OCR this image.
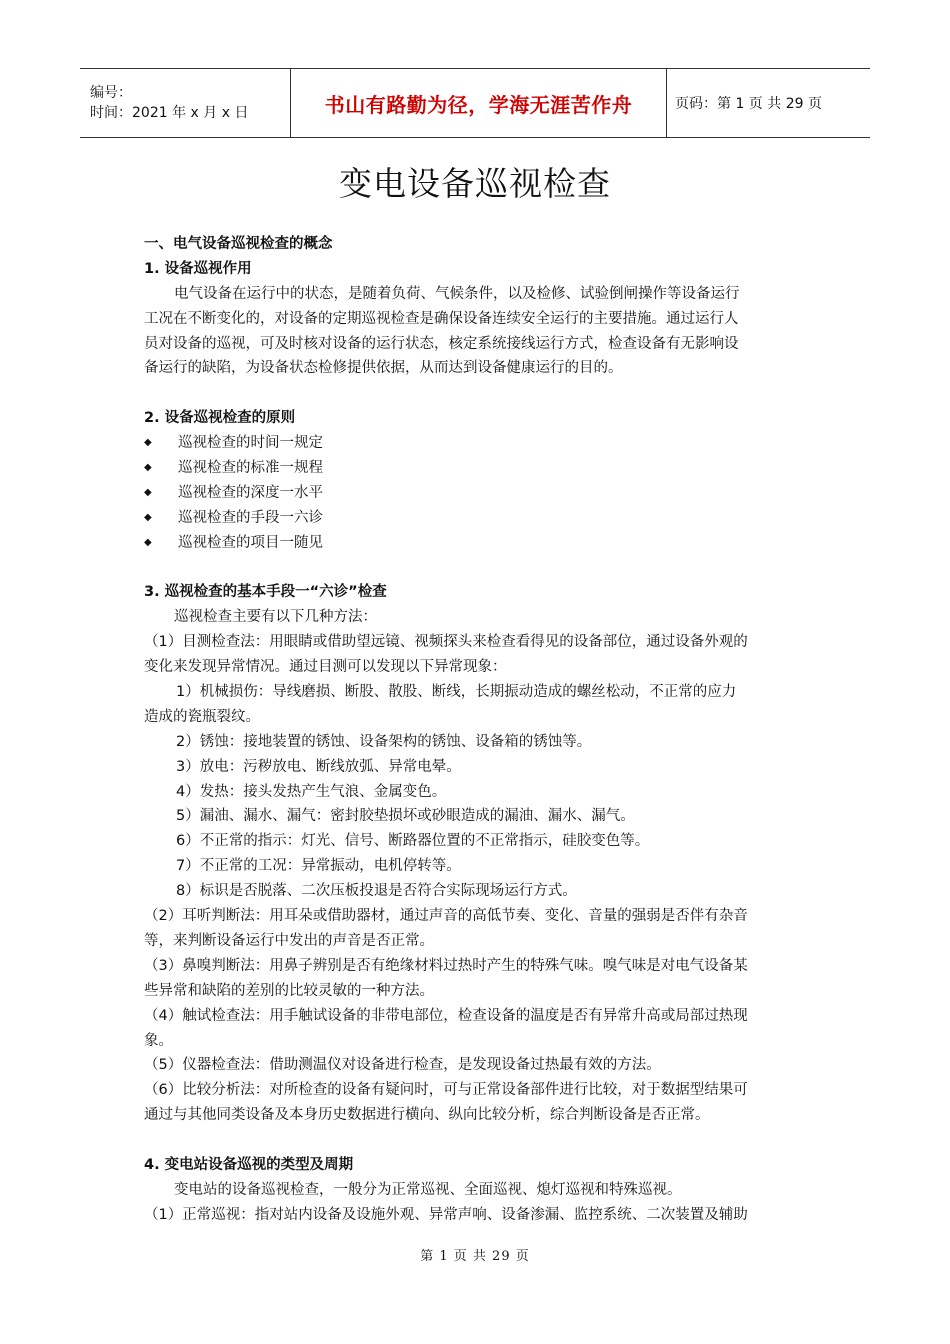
编号：
时间：2021 年 x 月 x 日	书山有路勤为径，学海无涯苦作舟	页码：第 1 页 共 29 页
变电设备巡视检查
一、电气设备巡视检查的概念
1. 设备巡视作用
电气设备在运行中的状态，是随着负荷、气候条件，以及检修、试验倒闸操作等设备运行
工况在不断变化的，对设备的定期巡视检查是确保设备连续安全运行的主要措施。通过运行人
员对设备的巡视，可及时核对设备的运行状态，核定系统接线运行方式，检查设备有无影响设
备运行的缺陷，为设备状态检修提供依据，从而达到设备健康运行的目的。
2. 设备巡视检查的原则
◆	巡视检查的时间一规定
◆	巡视检查的标准一规程
◆	巡视检查的深度一水平
◆	巡视检查的手段一六诊
◆	巡视检查的项目一随见
3. 巡视检查的基本手段一“六诊”检查
巡视检查主要有以下几种方法：
（1）目测检查法：用眼睛或借助望远镜、视频探头来检查看得见的设备部位，通过设备外观的
变化来发现异常情况。通过目测可以发现以下异常现象：
1）机械损伤：导线磨损、断股、散股、断线，长期振动造成的螺丝松动，不正常的应力
造成的瓷瓶裂纹。
2）锈蚀：接地装置的锈蚀、设备架构的锈蚀、设备箱的锈蚀等。
3）放电：污秽放电、断线放弧、异常电晕。
4）发热：接头发热产生气浪、金属变色。
5）漏油、漏水、漏气：密封胶垫损坏或砂眼造成的漏油、漏水、漏气。
6）不正常的指示：灯光、信号、断路器位置的不正常指示，硅胶变色等。
7）不正常的工况：异常振动，电机停转等。
8）标识是否脱落、二次压板投退是否符合实际现场运行方式。
（2）耳听判断法：用耳朵或借助器材，通过声音的高低节奏、变化、音量的强弱是否伴有杂音
等，来判断设备运行中发出的声音是否正常。
（3）鼻嗅判断法：用鼻子辨别是否有绝缘材料过热时产生的特殊气味。嗅气味是对电气设备某
些异常和缺陷的差别的比较灵敏的一种方法。
（4）触试检查法：用手触试设备的非带电部位，检查设备的温度是否有异常升高或局部过热现
象。
（5）仪器检查法：借助测温仪对设备进行检查，是发现设备过热最有效的方法。
（6）比较分析法：对所检查的设备有疑问时，可与正常设备部件进行比较，对于数据型结果可
通过与其他同类设备及本身历史数据进行横向、纵向比较分析，综合判断设备是否正常。
4. 变电站设备巡视的类型及周期
变电站的设备巡视检查，一般分为正常巡视、全面巡视、熄灯巡视和特殊巡视。
（1）正常巡视：指对站内设备及设施外观、异常声响、设备渗漏、监控系统、二次装置及辅助
第 1 页 共 29 页
